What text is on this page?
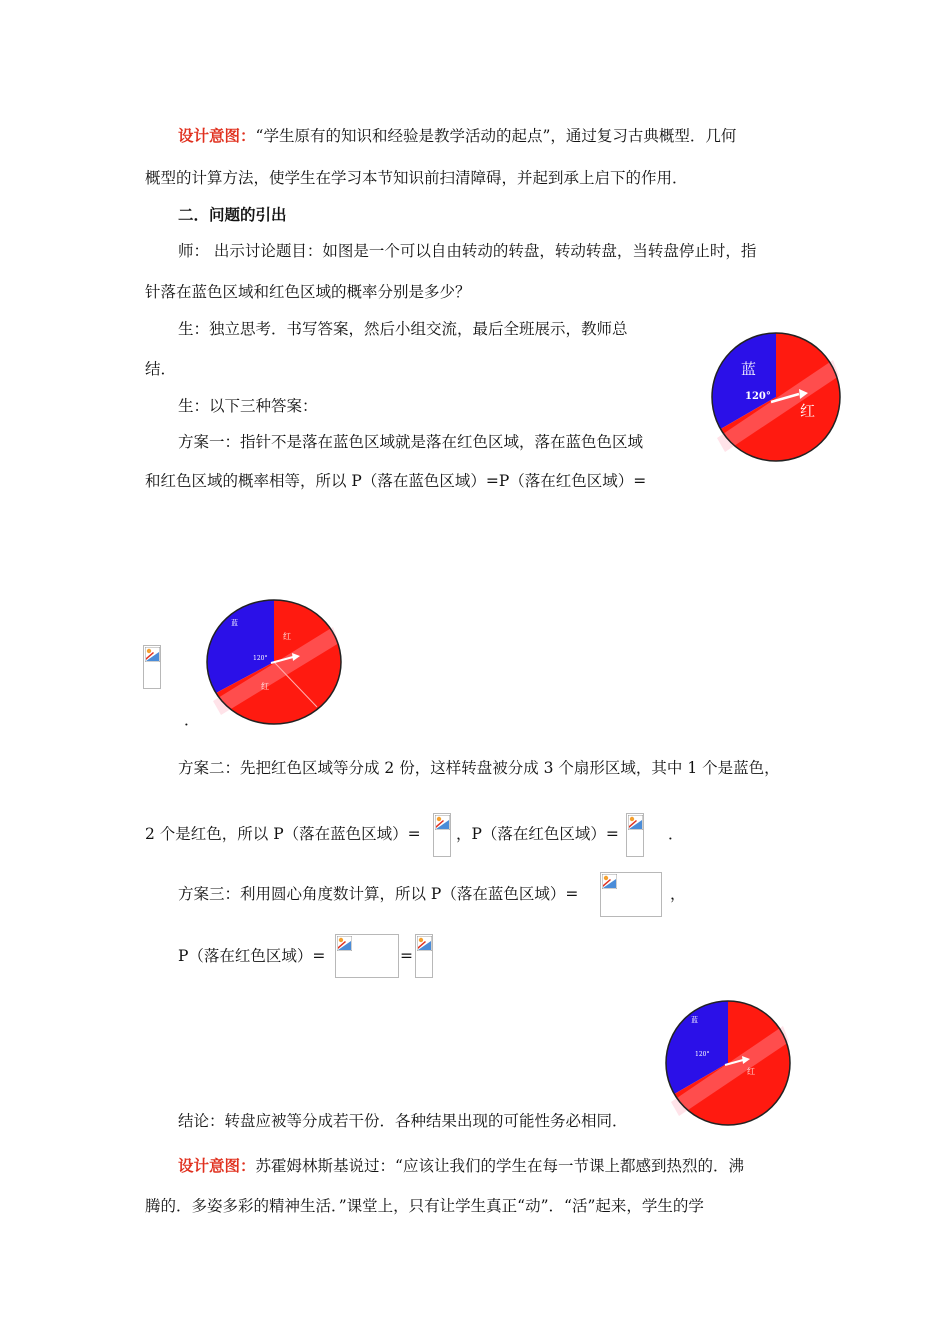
设计意图：“学生原有的知识和经验是教学活动的起点”，通过复习古典概型．几何
概型的计算方法，使学生在学习本节知识前扫清障碍，并起到承上启下的作用．
二．问题的引出
师： 出示讨论题目：如图是一个可以自由转动的转盘，转动转盘，当转盘停止时，指
针落在蓝色区域和红色区域的概率分别是多少？
生：独立思考．书写答案，然后小组交流，最后全班展示，教师总
结．
生：以下三种答案：
方案一：指针不是落在蓝色区域就是落在红色区域，落在蓝色色区域
和红色区域的概率相等，所以 P（落在蓝色区域）=P（落在红色区域）=
蓝
120°
红
蓝
120°
红
红
．
方案二：先把红色区域等分成 2 份，这样转盘被分成 3 个扇形区域，其中 1 个是蓝色，
2 个是红色，所以 P（落在蓝色区域）= ，P（落在红色区域）=	．
方案三：利用圆心角度数计算，所以 P（落在蓝色区域）=	，
P（落在红色区域）=	=
蓝
120°
红
结论：转盘应被等分成若干份．各种结果出现的可能性务必相同．
设计意图：苏霍姆林斯基说过：“应该让我们的学生在每一节课上都感到热烈的．沸
腾的．多姿多彩的精神生活．”课堂上，只有让学生真正“动”．“活”起来，学生的学
